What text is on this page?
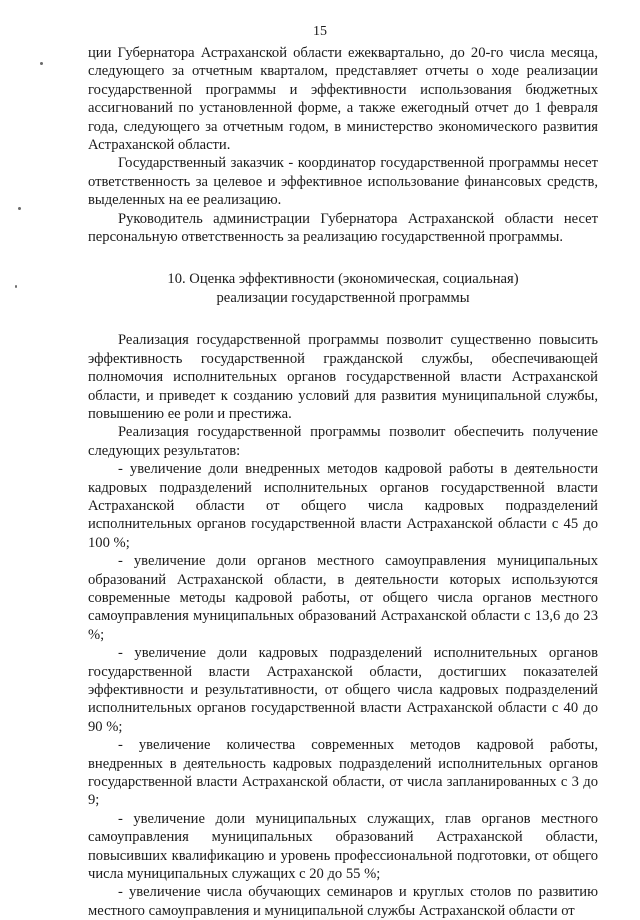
15

ции Губернатора Астраханской области ежеквартально, до 20-го числа месяца, следующего за отчетным кварталом, представляет отчеты о ходе реализации государственной программы и эффективности использования бюджетных ассигнований по установленной форме, а также ежегодный отчет до 1 февраля года, следующего за отчетным годом, в министерство экономического развития Астраханской области.

Государственный заказчик - координатор государственной программы несет ответственность за целевое и эффективное использование финансовых средств, выделенных на ее реализацию.

Руководитель администрации Губернатора Астраханской области несет персональную ответственность за реализацию государственной программы.

10. Оценка эффективности (экономическая, социальная)
реализации государственной программы

Реализация государственной программы позволит существенно повысить эффективность государственной гражданской службы, обеспечивающей полномочия исполнительных органов государственной власти Астраханской области, и приведет к созданию условий для развития муниципальной службы, повышению ее роли и престижа.

Реализация государственной программы позволит обеспечить получение следующих результатов:

- увеличение доли внедренных методов кадровой работы в деятельности кадровых подразделений исполнительных органов государственной власти Астраханской области от общего числа кадровых подразделений исполнительных органов государственной власти Астраханской области с 45 до 100 %;

- увеличение доли органов местного самоуправления муниципальных образований Астраханской области, в деятельности которых используются современные методы кадровой работы, от общего числа органов местного самоуправления муниципальных образований Астраханской области с 13,6 до 23 %;

- увеличение доли кадровых подразделений исполнительных органов государственной власти Астраханской области, достигших показателей эффективности и результативности, от общего числа кадровых подразделений исполнительных органов государственной власти Астраханской области с 40 до 90 %;

- увеличение количества современных методов кадровой работы, внедренных в деятельность кадровых подразделений исполнительных органов государственной власти Астраханской области, от числа запланированных с 3 до 9;

- увеличение доли муниципальных служащих, глав органов местного самоуправления муниципальных образований Астраханской области, повысивших квалификацию и уровень профессиональной подготовки, от общего числа муниципальных служащих с 20 до 55 %;

- увеличение числа обучающих семинаров и круглых столов по развитию местного самоуправления и муниципальной службы Астраханской области от
